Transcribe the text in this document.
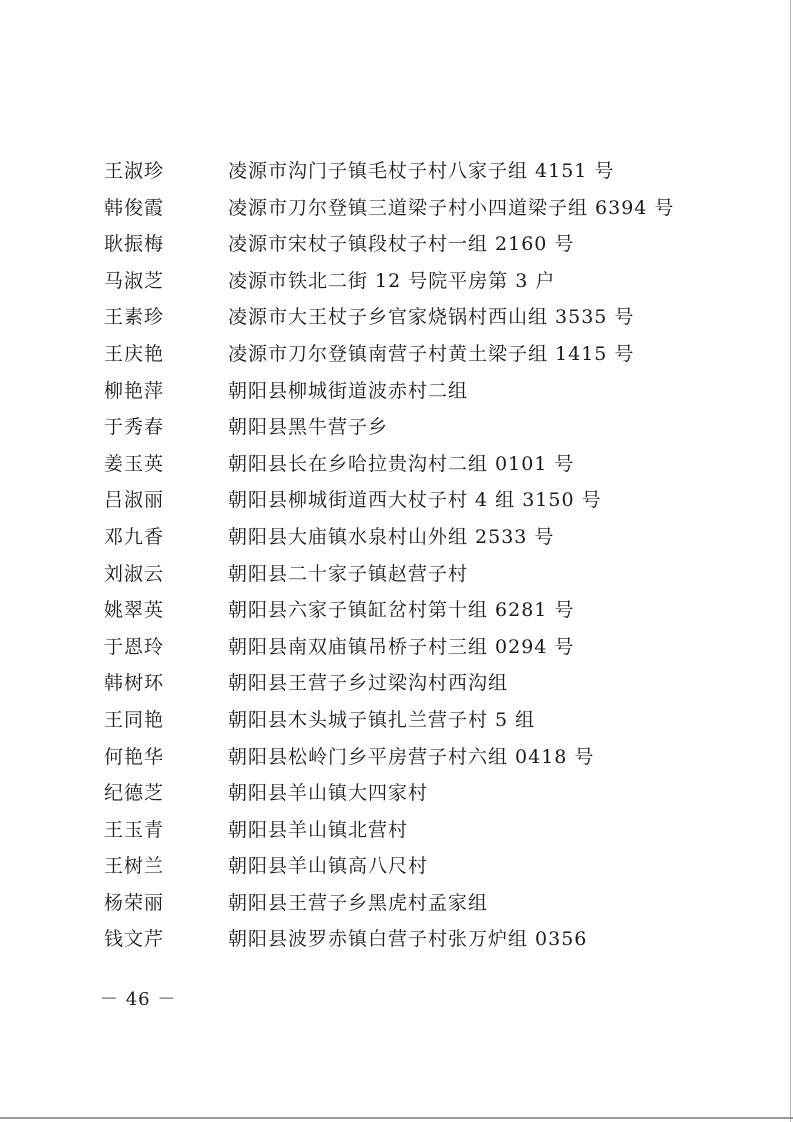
王淑珍	凌源市沟门子镇毛杖子村八家子组 4151 号
韩俊霞	凌源市刀尔登镇三道梁子村小四道梁子组 6394 号
耿振梅	凌源市宋杖子镇段杖子村一组 2160 号
马淑芝	凌源市铁北二街 12 号院平房第 3 户
王素珍	凌源市大王杖子乡官家烧锅村西山组 3535 号
王庆艳	凌源市刀尔登镇南营子村黄土梁子组 1415 号
柳艳萍	朝阳县柳城街道波赤村二组
于秀春	朝阳县黑牛营子乡
姜玉英	朝阳县长在乡哈拉贵沟村二组 0101 号
吕淑丽	朝阳县柳城街道西大杖子村 4 组 3150 号
邓九香	朝阳县大庙镇水泉村山外组 2533 号
刘淑云	朝阳县二十家子镇赵营子村
姚翠英	朝阳县六家子镇缸岔村第十组 6281 号
于恩玲	朝阳县南双庙镇吊桥子村三组 0294 号
韩树环	朝阳县王营子乡过梁沟村西沟组
王同艳	朝阳县木头城子镇扎兰营子村 5 组
何艳华	朝阳县松岭门乡平房营子村六组 0418 号
纪德芝	朝阳县羊山镇大四家村
王玉青	朝阳县羊山镇北营村
王树兰	朝阳县羊山镇高八尺村
杨荣丽	朝阳县王营子乡黑虎村孟家组
钱文芹	朝阳县波罗赤镇白营子村张万炉组 0356
－ 46 －
